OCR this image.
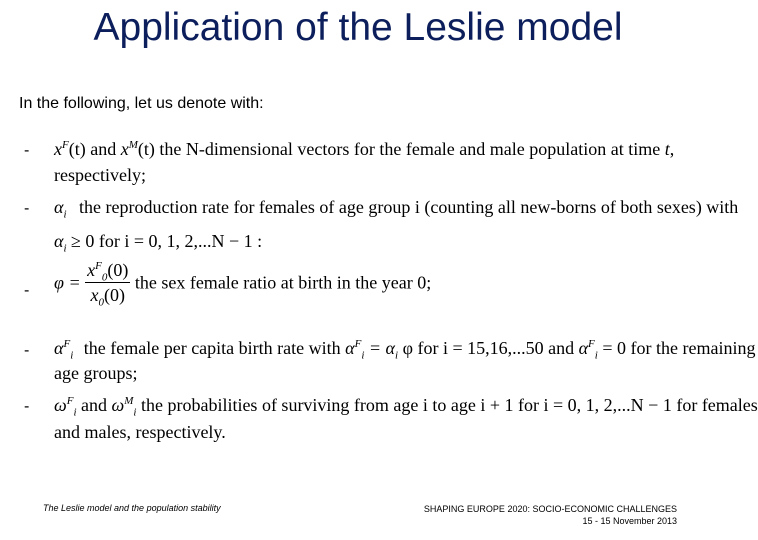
Application of the Leslie model
In the following, let us denote with:
- $x^F(t)$ and $x^M(t)$ the N-dimensional vectors for the female and male population at time t,
respectively;
- $\alpha_i$ the reproduction rate for females of age group i (counting all new-borns of both sexes) with
$\alpha_i \ge 0$ for i = 0, 1, 2,...N − 1 :
- $\varphi = \frac{x^F_0(0)}{x_0(0)}$ the sex female ratio at birth in the year 0;
- $\alpha^F_i$ the female per capita birth rate with $\alpha^F_i = \alpha_i$ φ for i = 15,16,...50 and $\alpha^F_i = 0$ for the remaining
age groups;
- $\omega^F_i$ and $\omega^M_i$ the probabilities of surviving from age i to age i + 1 for i = 0, 1, 2,...N − 1 for females
and males, respectively.
The Leslie model and the population stability	SHAPING EUROPE 2020: SOCIO-ECONOMIC CHALLENGES
15 - 15 November 2013
